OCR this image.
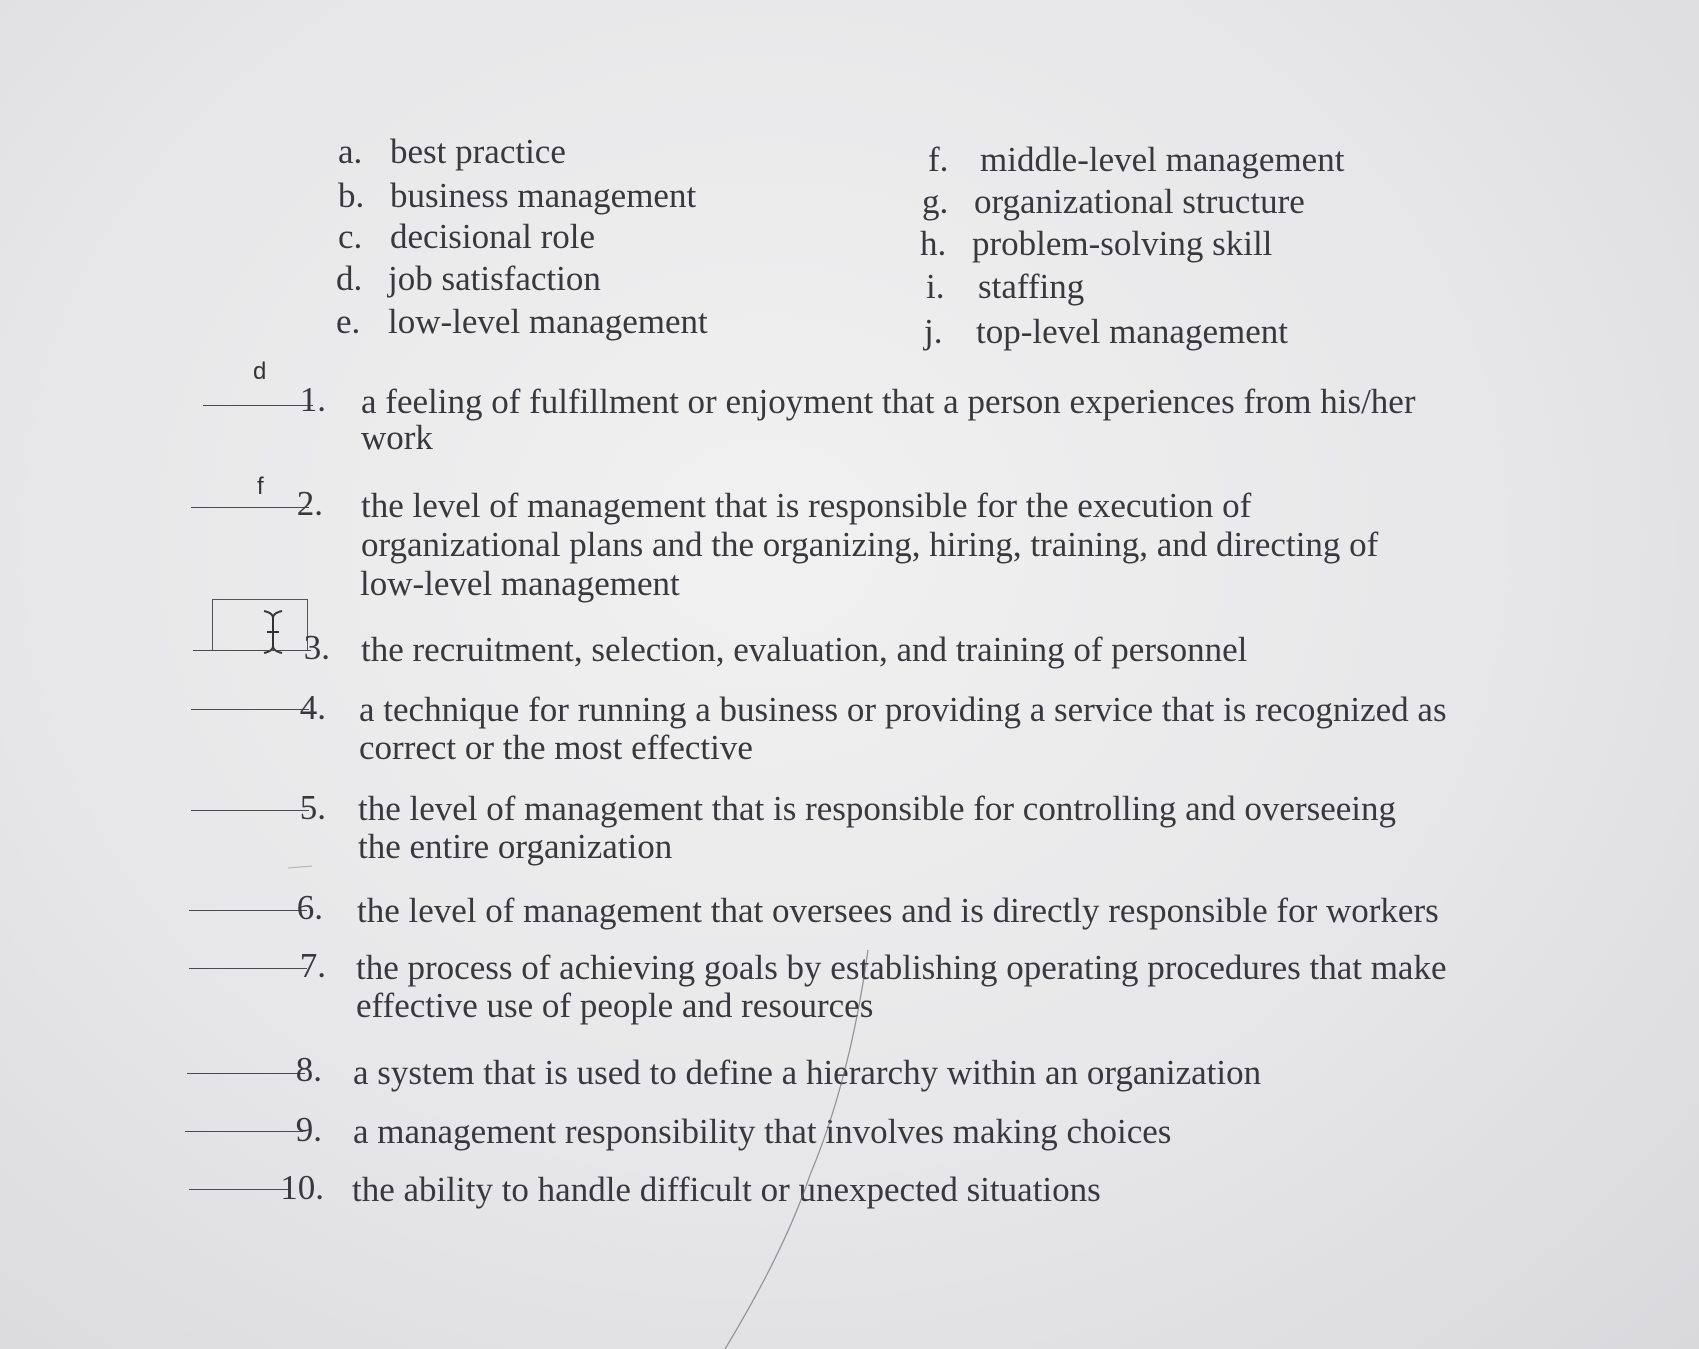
a. best practice
b. business management
c. decisional role
d. job satisfaction
e. low-level management
f. middle-level management
g. organizational structure
h. problem-solving skill
i. staffing
j. top-level management
d
1. a feeling of fulfillment or enjoyment that a person experiences from his/her
work
f 2. the level of management that is responsible for the execution of
organizational plans and the organizing, hiring, training, and directing of
low-level management
3. the recruitment, selection, evaluation, and training of personnel
4. a technique for running a business or providing a service that is recognized as
correct or the most effective
5. the level of management that is responsible for controlling and overseeing
the entire organization
6. the level of management that oversees and is directly responsible for workers
7. the process of achieving goals by establishing operating procedures that make
effective use of people and resources
8. a system that is used to define a hierarchy within an organization
9. a management responsibility that involves making choices
10. the ability to handle difficult or unexpected situations
